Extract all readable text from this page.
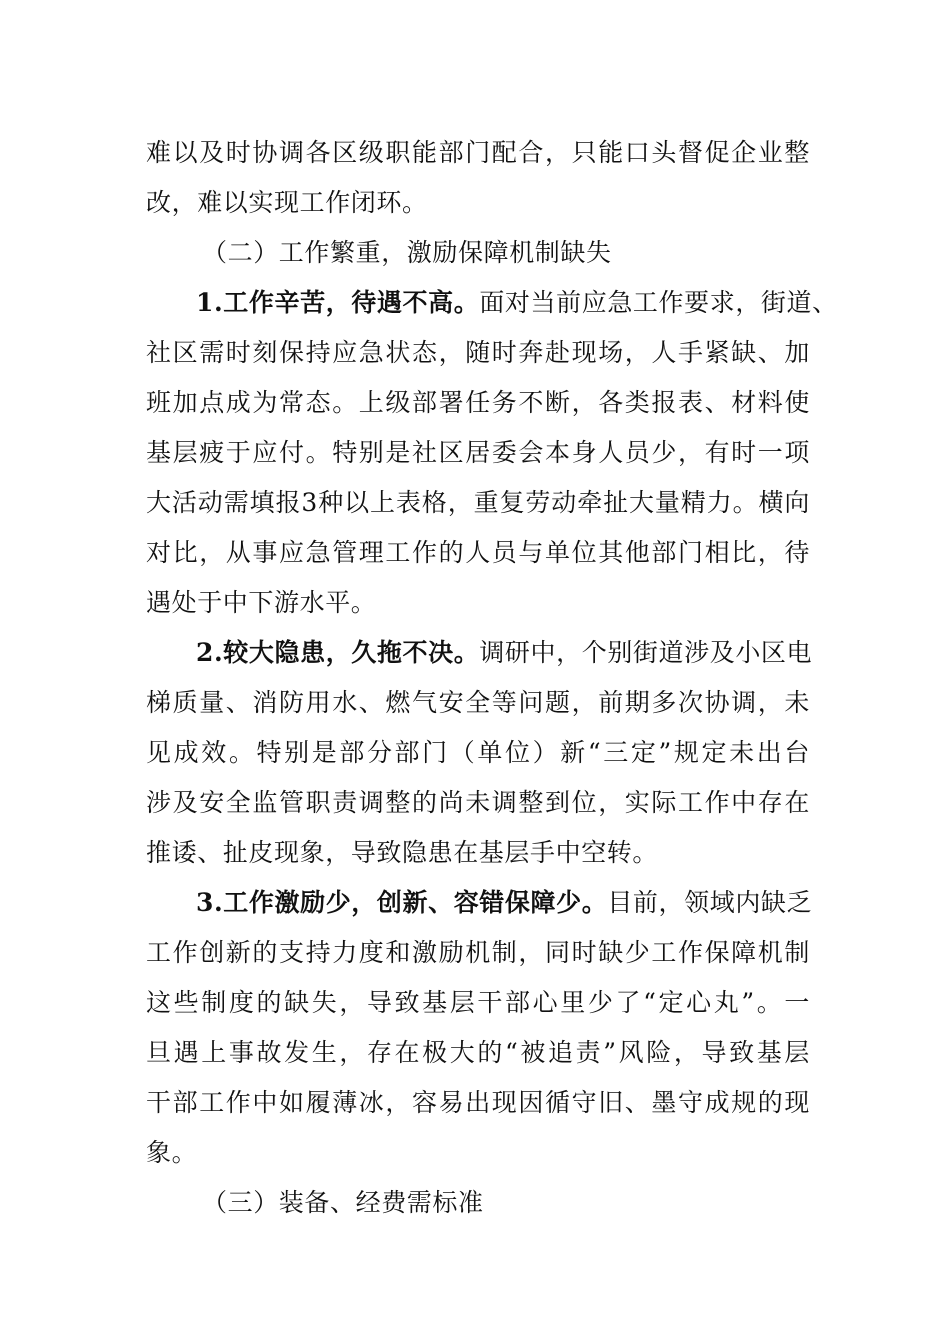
难以及时协调各区级职能部门配合，只能口头督促企业整
改，难以实现工作闭环。
（二）工作繁重，激励保障机制缺失
1.工作辛苦，待遇不高。面对当前应急工作要求，街道、
社区需时刻保持应急状态，随时奔赴现场，人手紧缺、加
班加点成为常态。上级部署任务不断，各类报表、材料使
基层疲于应付。特别是社区居委会本身人员少，有时一项
大活动需填报3种以上表格，重复劳动牵扯大量精力。横向
对比，从事应急管理工作的人员与单位其他部门相比，待
遇处于中下游水平。
2.较大隐患，久拖不决。调研中，个别街道涉及小区电
梯质量、消防用水、燃气安全等问题，前期多次协调，未
见成效。特别是部分部门（单位）新“三定”规定未出台
涉及安全监管职责调整的尚未调整到位，实际工作中存在
推诿、扯皮现象，导致隐患在基层手中空转。
3.工作激励少，创新、容错保障少。目前，领域内缺乏
工作创新的支持力度和激励机制，同时缺少工作保障机制
这些制度的缺失，导致基层干部心里少了“定心丸”。一
旦遇上事故发生，存在极大的“被追责”风险，导致基层
干部工作中如履薄冰，容易出现因循守旧、墨守成规的现
象。
（三）装备、经费需标准
